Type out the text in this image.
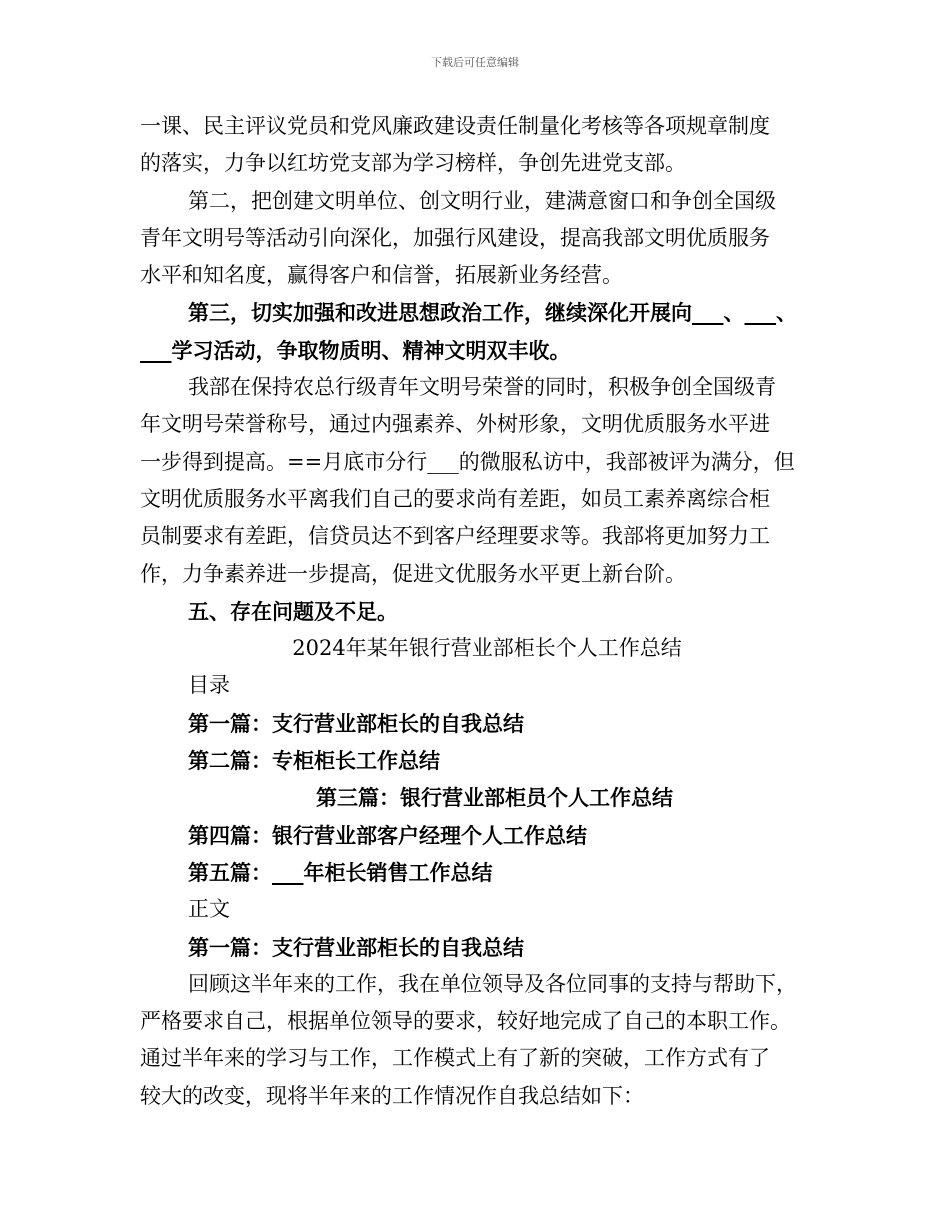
下载后可任意编辑
一课、民主评议党员和党风廉政建设责任制量化考核等各项规章制度
的落实，力争以红坊党支部为学习榜样，争创先进党支部。
第二，把创建文明单位、创文明行业，建满意窗口和争创全国级
青年文明号等活动引向深化，加强行风建设，提高我部文明优质服务
水平和知名度，赢得客户和信誉，拓展新业务经营。
第三，切实加强和改进思想政治工作，继续深化开展向___、___、
___学习活动，争取物质明、精神文明双丰收。
我部在保持农总行级青年文明号荣誉的同时，积极争创全国级青
年文明号荣誉称号，通过内强素养、外树形象，文明优质服务水平进
一步得到提高。==月底市分行___的微服私访中，我部被评为满分，但
文明优质服务水平离我们自己的要求尚有差距，如员工素养离综合柜
员制要求有差距，信贷员达不到客户经理要求等。我部将更加努力工
作，力争素养进一步提高，促进文优服务水平更上新台阶。
五、存在问题及不足。
2024年某年银行营业部柜长个人工作总结
目录
第一篇：支行营业部柜长的自我总结
第二篇：专柜柜长工作总结
第三篇：银行营业部柜员个人工作总结
第四篇：银行营业部客户经理个人工作总结
第五篇：___年柜长销售工作总结
正文
第一篇：支行营业部柜长的自我总结
回顾这半年来的工作，我在单位领导及各位同事的支持与帮助下，
严格要求自己，根据单位领导的要求，较好地完成了自己的本职工作。
通过半年来的学习与工作，工作模式上有了新的突破，工作方式有了
较大的改变，现将半年来的工作情况作自我总结如下：
